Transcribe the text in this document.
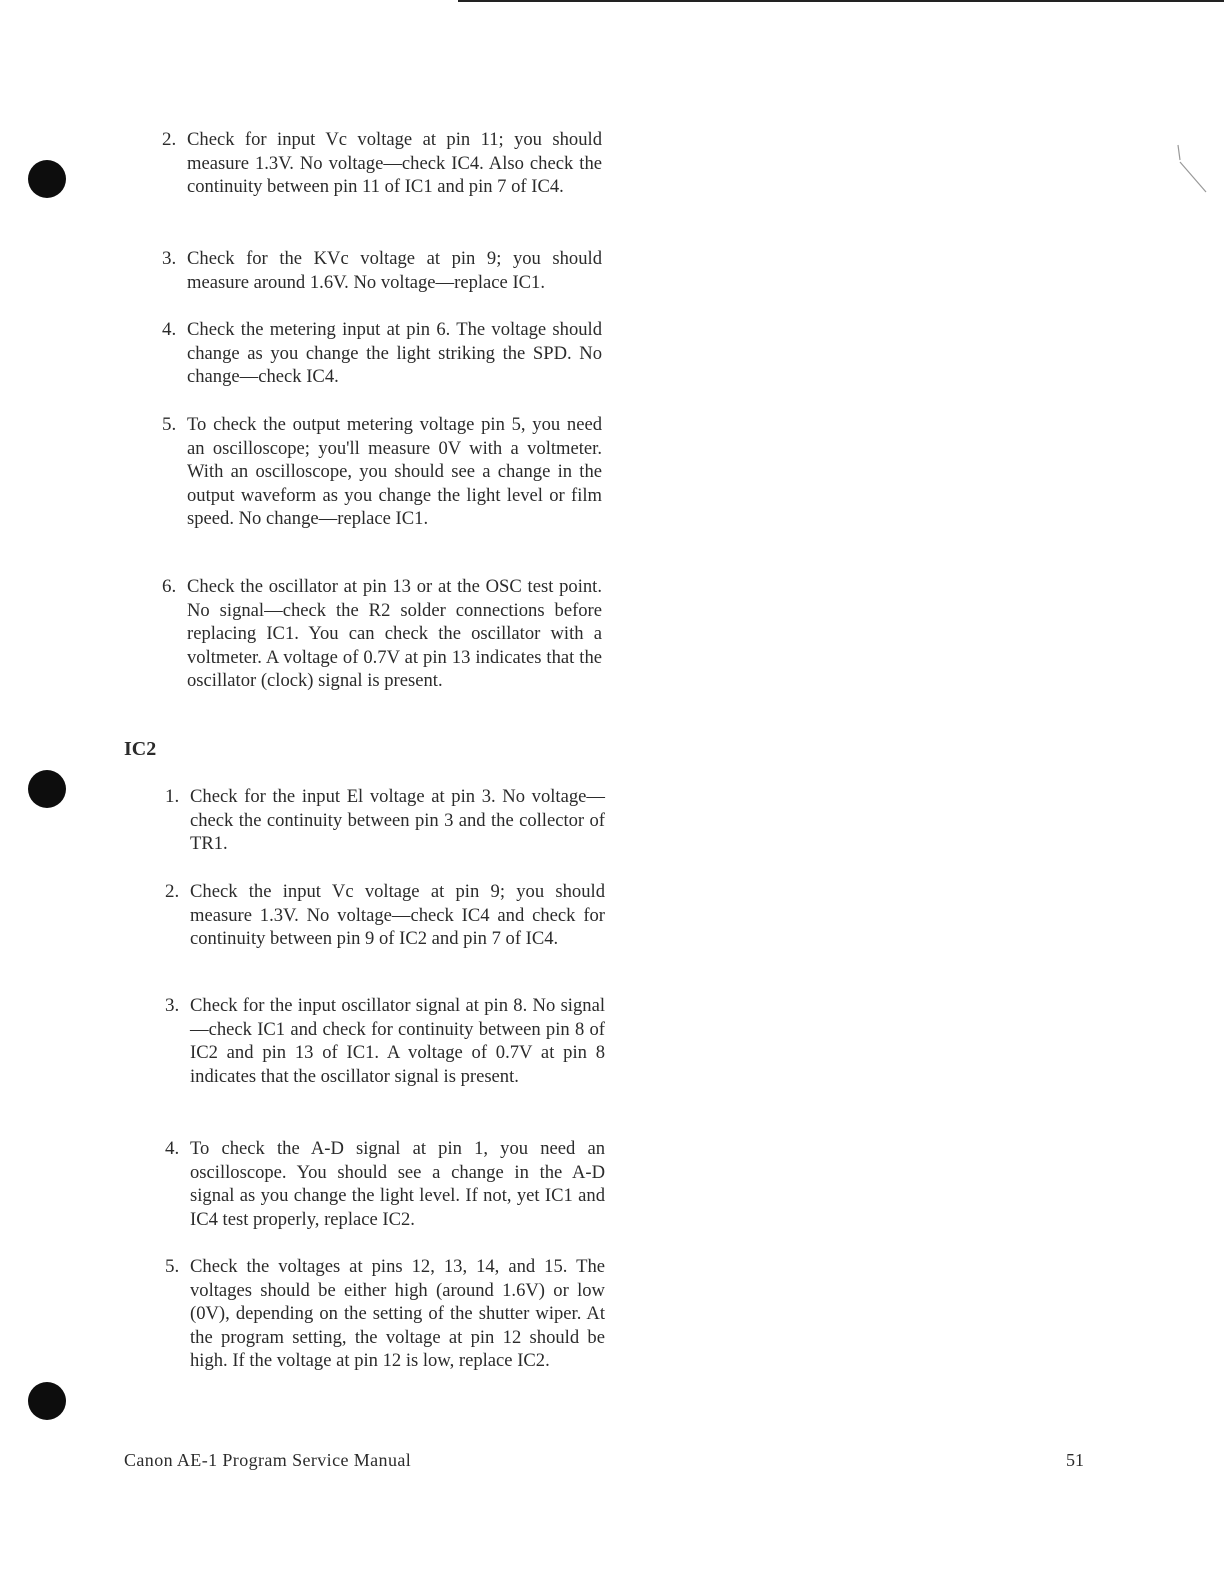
2. Check for input Vc voltage at pin 11; you should measure 1.3V. No voltage—check IC4. Also check the continuity between pin 11 of IC1 and pin 7 of IC4.
3. Check for the KVc voltage at pin 9; you should measure around 1.6V. No voltage—replace IC1.
4. Check the metering input at pin 6. The voltage should change as you change the light striking the SPD. No change—check IC4.
5. To check the output metering voltage pin 5, you need an oscilloscope; you'll measure 0V with a voltmeter. With an oscilloscope, you should see a change in the output waveform as you change the light level or film speed. No change—replace IC1.
6. Check the oscillator at pin 13 or at the OSC test point. No signal—check the R2 solder connections before replacing IC1. You can check the oscillator with a voltmeter. A voltage of 0.7V at pin 13 indicates that the oscillator (clock) signal is present.
IC2
1. Check for the input El voltage at pin 3. No voltage—check the continuity between pin 3 and the collector of TR1.
2. Check the input Vc voltage at pin 9; you should measure 1.3V. No voltage—check IC4 and check for continuity between pin 9 of IC2 and pin 7 of IC4.
3. Check for the input oscillator signal at pin 8. No signal—check IC1 and check for continuity between pin 8 of IC2 and pin 13 of IC1. A voltage of 0.7V at pin 8 indicates that the oscillator signal is present.
4. To check the A-D signal at pin 1, you need an oscilloscope. You should see a change in the A-D signal as you change the light level. If not, yet IC1 and IC4 test properly, replace IC2.
5. Check the voltages at pins 12, 13, 14, and 15. The voltages should be either high (around 1.6V) or low (0V), depending on the setting of the shutter wiper. At the program setting, the voltage at pin 12 should be high. If the voltage at pin 12 is low, replace IC2.
Canon AE-1 Program Service Manual	51
